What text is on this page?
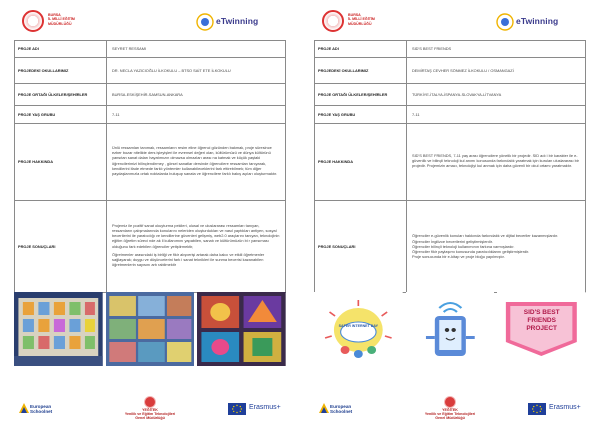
BURSA
İL MİLLÎ EĞİTİM MÜDÜRLÜĞÜ	eTwinning
PROJE ADI	SEYRET RESSAMI
PROJEDEKİ OKULLARIMIZ	DR. NECLA YAZICIOĞLU İLKOKULU – BTSO SAİT ETE İLKOKULU
PROJE ORTAĞI ÜLKELER/ŞEHİRLER	BURSA-ESKİŞEHİR-SAMSUN-ANKARA
PROJE YAŞ GRUBU	7-11
PROJE HAKKINDA	Ünlü ressamları tanımak, ressamların resim eline öğrenci gözünden bakmak, proje süresince ezber bozar nitelikte ders işleyişleri ile evrensel değeri olan, kültürümüzü ve dünya kültürünü yansıtan sanat daları hayatımızın olmazsa olmazları arası na katmak ve küçük yaştaki öğrencilerimizi bilinçlendirmey , görsel sanatlar dersinde öğrencilere ressamları tanıyarak, kendilerini ifade etmede farklı yöntemler kullanabileceklerini fark ettirebilmek; tüm diğer paydaşlarımızla ortak noktalarda buluşup sanata ve öğrencilere farklı bakış açıları oluşturmaktır.

PROJE SONUÇLARI	Projemiz ile pozitif sanat okuyturma pekileri, ulusal ve uluslararası ressamları tanıyan, ressamların çalışmalarında konularını neleriden oluşturdukları ve nasıl yaptıkları antiyen, sosyal becerilerini ile yaratıcılığı ve kendilerine güvenleri gelişmiş, web2.0 araçlarını tanıyan, teknolojinin eğitim öğretim süreci nde ak ll kullanımını yapabilen, sanatı ve kültürümüzün bi r yansıması olduğunu fark edebilen öğrenciler yetiştirmektir,

Öğretmenler arasındaki iş birliği ve fikir alışverişi artarak daha kalıcı ve etkili öğretmenler sağlayarak; duygu ve düşüncelerini fark i sanat teknikleri ile sunma becerisi kazanabilen öğretmenlerin sayısını artı rabilmektir

European
Schoolnet	YEĞİTEK
Yenilik ve Eğitim Teknolojileri
Genel Müdürlüğü
Erasmus+
BURSA
İL MİLLÎ EĞİTİM MÜDÜRLÜĞÜ	eTwinning
PROJE ADI	SID'S BEST FRIENDS
PROJEDEKİ OKULLARIMIZ	DEMİRTAŞ CEVHER SÖNMEZ İLKOKULU / OSMANGAZİ
PROJE ORTAĞI ÜLKELER/ŞEHİRLER	TÜRKİYE-İTALYA-İSPANYA-SLOVAKYA-LİTVANYA
PROJE YAŞ GRUBU	7-11
PROJE HAKKINDA	SID'S BEST FRIENDS, 7-11 yaş arası öğrencilere yönelik bir projedir. SID adı i bir karakter ile e-güvenlik ve bilinçli teknoloji kul anımı konusunda farkındalık yaratmak için kurulan uluslararası bir projedir. Projemizin amacı, teknolojiyi kul anmak için daha güvenli bir okul ortamı yaratmaktır.

PROJE SONUÇLARI	Öğrenciler e-güvenlik konuları hakkında farkındalık ve dijital beceriler kazanmışlardır.
Öğrenciler İngilizce becerilerini geliştirmişlerdir.
Öğrenciler bilinçli teknoloji kullanımının farkına varmışlardır.
Öğrenciler fikir paylaşımı konusunda yaratıcılıklarını geliştirmişlerdir.
Proje sonucunda bir e-kitap ve proje bloğu yapılmıştır.
SAFER INTERNET DAY
SID'S BEST
FRIENDS
PROJECT
European
Schoolnet	YEĞİTEK
Yenilik ve Eğitim Teknolojileri
Genel Müdürlüğü
Erasmus+
